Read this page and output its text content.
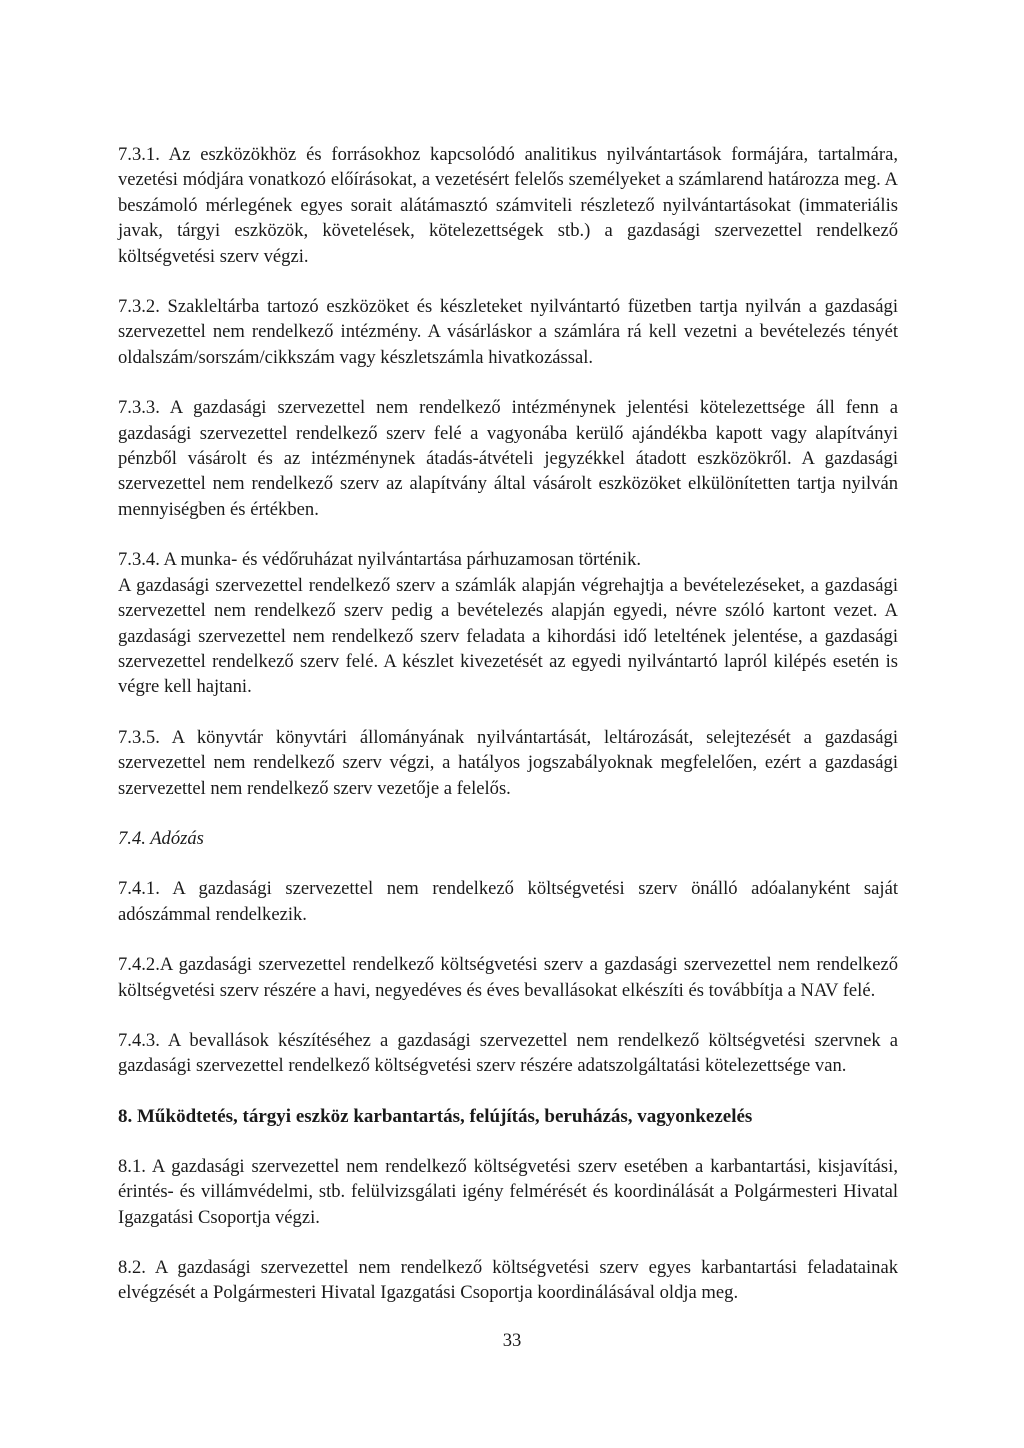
7.3.1. Az eszközökhöz és forrásokhoz kapcsolódó analitikus nyilvántartások formájára, tartalmára, vezetési módjára vonatkozó előírásokat, a vezetésért felelős személyeket a számlarend határozza meg. A beszámoló mérlegének egyes sorait alátámasztó számviteli részletező nyilvántartásokat (immateriális javak, tárgyi eszközök, követelések, kötelezettségek stb.) a gazdasági szervezettel rendelkező költségvetési szerv végzi.

7.3.2. Szakleltárba tartozó eszközöket és készleteket nyilvántartó füzetben tartja nyilván a gazdasági szervezettel nem rendelkező intézmény. A vásárláskor a számlára rá kell vezetni a bevételezés tényét oldalszám/sorszám/cikkszám vagy készletszámla hivatkozással.

7.3.3. A gazdasági szervezettel nem rendelkező intézménynek jelentési kötelezettsége áll fenn a gazdasági szervezettel rendelkező szerv felé a vagyonába kerülő ajándékba kapott vagy alapítványi pénzből vásárolt és az intézménynek átadás-átvételi jegyzékkel átadott eszközökről. A gazdasági szervezettel nem rendelkező szerv az alapítvány által vásárolt eszközöket elkülönítetten tartja nyilván mennyiségben és értékben.

7.3.4. A munka- és védőruházat nyilvántartása párhuzamosan történik.

A gazdasági szervezettel rendelkező szerv a számlák alapján végrehajtja a bevételezéseket, a gazdasági szervezettel nem rendelkező szerv pedig a bevételezés alapján egyedi, névre szóló kartont vezet. A gazdasági szervezettel nem rendelkező szerv feladata a kihordási idő leteltének jelentése, a gazdasági szervezettel rendelkező szerv felé. A készlet kivezetését az egyedi nyilvántartó lapról kilépés esetén is végre kell hajtani.

7.3.5. A könyvtár könyvtári állományának nyilvántartását, leltározását, selejtezését a gazdasági szervezettel nem rendelkező szerv végzi, a hatályos jogszabályoknak megfelelően, ezért a gazdasági szervezettel nem rendelkező szerv vezetője a felelős.

7.4. Adózás

7.4.1. A gazdasági szervezettel nem rendelkező költségvetési szerv önálló adóalanyként saját adószámmal rendelkezik.

7.4.2.A gazdasági szervezettel rendelkező költségvetési szerv a gazdasági szervezettel nem rendelkező költségvetési szerv részére a havi, negyedéves és éves bevallásokat elkészíti és továbbítja a NAV felé.

7.4.3. A bevallások készítéséhez a gazdasági szervezettel nem rendelkező költségvetési szervnek a gazdasági szervezettel rendelkező költségvetési szerv részére adatszolgáltatási kötelezettsége van.

8. Működtetés, tárgyi eszköz karbantartás, felújítás, beruházás, vagyonkezelés

8.1. A gazdasági szervezettel nem rendelkező költségvetési szerv esetében a karbantartási, kisjavítási, érintés- és villámvédelmi, stb. felülvizsgálati igény felmérését és koordinálását a Polgármesteri Hivatal Igazgatási Csoportja végzi.

8.2. A gazdasági szervezettel nem rendelkező költségvetési szerv egyes karbantartási feladatainak elvégzését a Polgármesteri Hivatal Igazgatási Csoportja koordinálásával oldja meg.

33
